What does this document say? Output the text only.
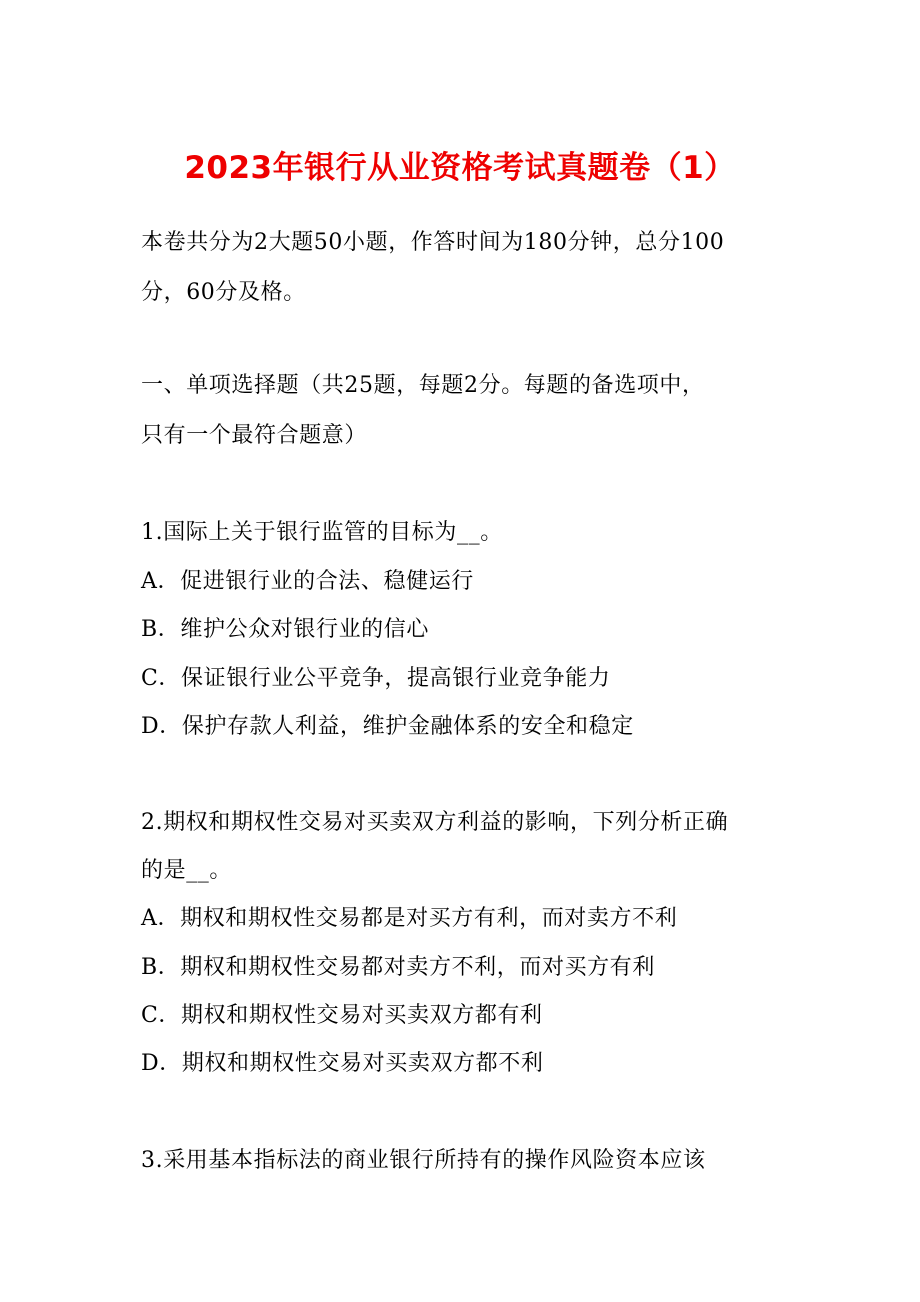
2023年银行从业资格考试真题卷（1）
本卷共分为2大题50小题，作答时间为180分钟，总分100
分，60分及格。
一、单项选择题（共25题，每题2分。每题的备选项中，
只有一个最符合题意）
1.国际上关于银行监管的目标为__。
A．促进银行业的合法、稳健运行
B．维护公众对银行业的信心
C．保证银行业公平竞争，提高银行业竞争能力
D．保护存款人利益，维护金融体系的安全和稳定
2.期权和期权性交易对买卖双方利益的影响，下列分析正确
的是__。
A．期权和期权性交易都是对买方有利，而对卖方不利
B．期权和期权性交易都对卖方不利，而对买方有利
C．期权和期权性交易对买卖双方都有利
D．期权和期权性交易对买卖双方都不利
3.采用基本指标法的商业银行所持有的操作风险资本应该
